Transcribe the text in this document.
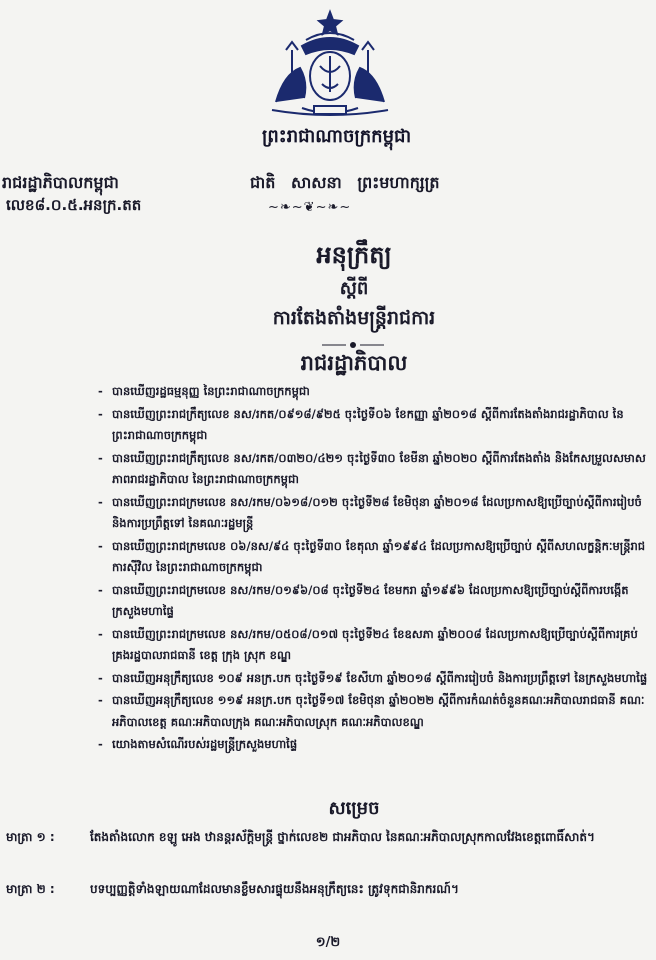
ព្រះរាជាណាចក្រកម្ពុជា
រាជរដ្ឋាភិបាលកម្ពុជា
លេខ៨.០.៥.អនក្រ.តត
ជាតិ សាសនា ព្រះមហាក្សត្រ
~❧~❦~❧~
អនុក្រឹត្យ
ស្តីពី
ការតែងតាំងមន្ត្រីរាជការ
រាជរដ្ឋាភិបាល
- បានឃើញរដ្ឋធម្មនុញ្ញ នៃព្រះរាជាណាចក្រកម្ពុជា
- បានឃើញព្រះរាជក្រឹត្យលេខ នស/រកត/០៩១៨/៩២៥ ចុះថ្ងៃទី០៦ ខែកញ្ញា ឆ្នាំ២០១៨ ស្តីពីការតែងតាំងរាជរដ្ឋាភិបាល នៃព្រះរាជាណាចក្រកម្ពុជា
- បានឃើញព្រះរាជក្រឹត្យលេខ នស/រកត/០៣២០/៤២១ ចុះថ្ងៃទី៣០ ខែមីនា ឆ្នាំ២០២០ ស្តីពីការតែងតាំង និងកែសម្រួលសមាសភាពរាជរដ្ឋាភិបាល នៃព្រះរាជាណាចក្រកម្ពុជា
- បានឃើញព្រះរាជក្រមលេខ នស/រកម/០៦១៨/០១២ ចុះថ្ងៃទី២៨ ខែមិថុនា ឆ្នាំ២០១៨ ដែលប្រកាសឱ្យប្រើច្បាប់ស្តីពីការរៀបចំ និងការប្រព្រឹត្តទៅ នៃគណៈរដ្ឋមន្ត្រី
- បានឃើញព្រះរាជក្រមលេខ ០៦/នស/៩៤ ចុះថ្ងៃទី៣០ ខែតុលា ឆ្នាំ១៩៩៤ ដែលប្រកាសឱ្យប្រើច្បាប់ ស្តីពីសហលក្ខន្តិកៈមន្ត្រីរាជការស៊ីវិល នៃព្រះរាជាណាចក្រកម្ពុជា
- បានឃើញព្រះរាជក្រមលេខ នស/រកម/០១៩៦/០៨ ចុះថ្ងៃទី២៤ ខែមករា ឆ្នាំ១៩៩៦ ដែលប្រកាសឱ្យប្រើច្បាប់ស្តីពីការបង្កើតក្រសួងមហាផ្ទៃ
- បានឃើញព្រះរាជក្រមលេខ នស/រកម/០៥០៨/០១៧ ចុះថ្ងៃទី២៤ ខែឧសភា ឆ្នាំ២០០៨ ដែលប្រកាសឱ្យប្រើច្បាប់ស្តីពីការគ្រប់គ្រងរដ្ឋបាលរាជធានី ខេត្ត ក្រុង ស្រុក ខណ្ឌ
- បានឃើញអនុក្រឹត្យលេខ ១០៩ អនក្រ.បក ចុះថ្ងៃទី១៩ ខែសីហា ឆ្នាំ២០១៨ ស្តីពីការរៀបចំ និងការប្រព្រឹត្តទៅ នៃក្រសួងមហាផ្ទៃ
- បានឃើញអនុក្រឹត្យលេខ ១១៩ អនក្រ.បក ចុះថ្ងៃទី១៧ ខែមិថុនា ឆ្នាំ២០២២ ស្តីពីការកំណត់ចំនួនគណៈអភិបាលរាជធានី គណៈអភិបាលខេត្ត គណៈអភិបាលក្រុង គណៈអភិបាលស្រុក គណៈអភិបាលខណ្ឌ
- យោងតាមសំណើរបស់រដ្ឋមន្ត្រីក្រសួងមហាផ្ទៃ
សម្រេច
មាត្រា ១ :	តែងតាំងលោក ខឡូ អេង ឋានន្តរស័ក្តិមន្ត្រី ថ្នាក់លេខ២ ជាអភិបាល នៃគណៈអភិបាលស្រុកកាលវែងខេត្តពោធិ៍សាត់។
មាត្រា ២ :	បទប្បញ្ញត្តិទាំងឡាយណាដែលមានខ្លឹមសារផ្ទុយនឹងអនុក្រឹត្យនេះ ត្រូវទុកជានិរាករណ៍។
១/២
